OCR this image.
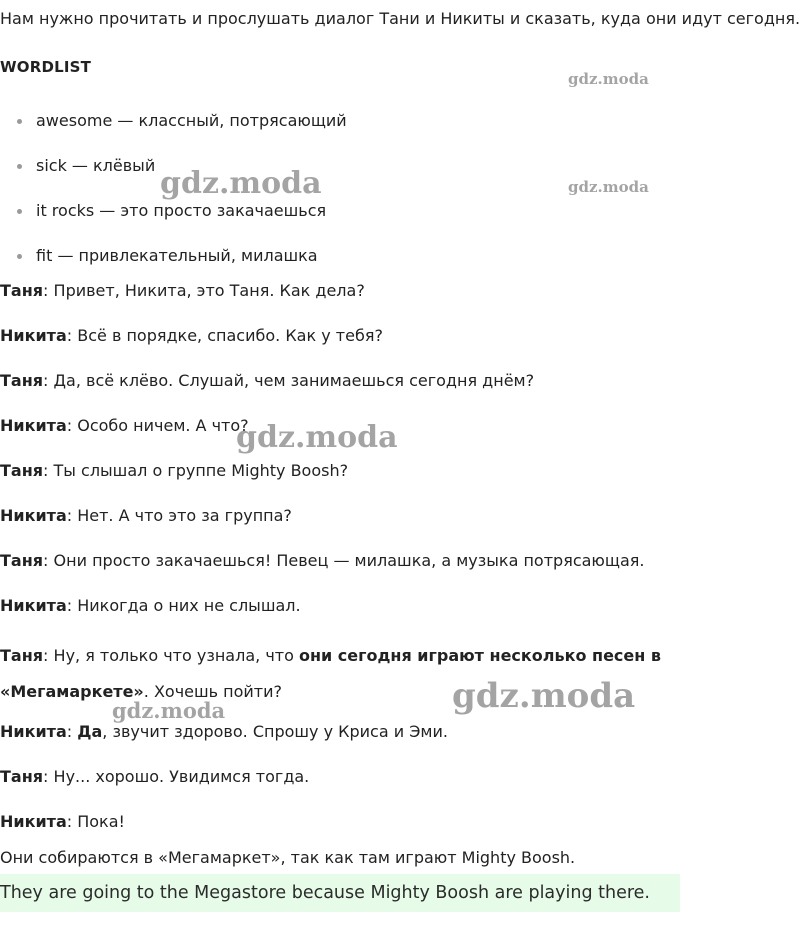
Нам нужно прочитать и прослушать диалог Тани и Никиты и сказать, куда они идут сегодня.
WORDLIST
awesome — классный, потрясающий
sick — клёвый
it rocks — это просто закачаешься
fit — привлекательный, милашка
Таня: Привет, Никита, это Таня. Как дела?
Никита: Всё в порядке, спасибо. Как у тебя?
Таня: Да, всё клёво. Слушай, чем занимаешься сегодня днём?
Никита: Особо ничем. А что?
Таня: Ты слышал о группе Mighty Boosh?
Никита: Нет. А что это за группа?
Таня: Они просто закачаешься! Певец — милашка, а музыка потрясающая.
Никита: Никогда о них не слышал.
Таня: Ну, я только что узнала, что они сегодня играют несколько песен в «Мегамаркете». Хочешь пойти?
Никита: Да, звучит здорово. Спрошу у Криса и Эми.
Таня: Ну... хорошо. Увидимся тогда.
Никита: Пока!
Они собираются в «Мегамаркет», так как там играют Mighty Boosh.
They are going to the Megastore because Mighty Boosh are playing there.
gdz.moda
gdz.moda	gdz.moda
gdz.moda
gdz.moda
gdz.moda
